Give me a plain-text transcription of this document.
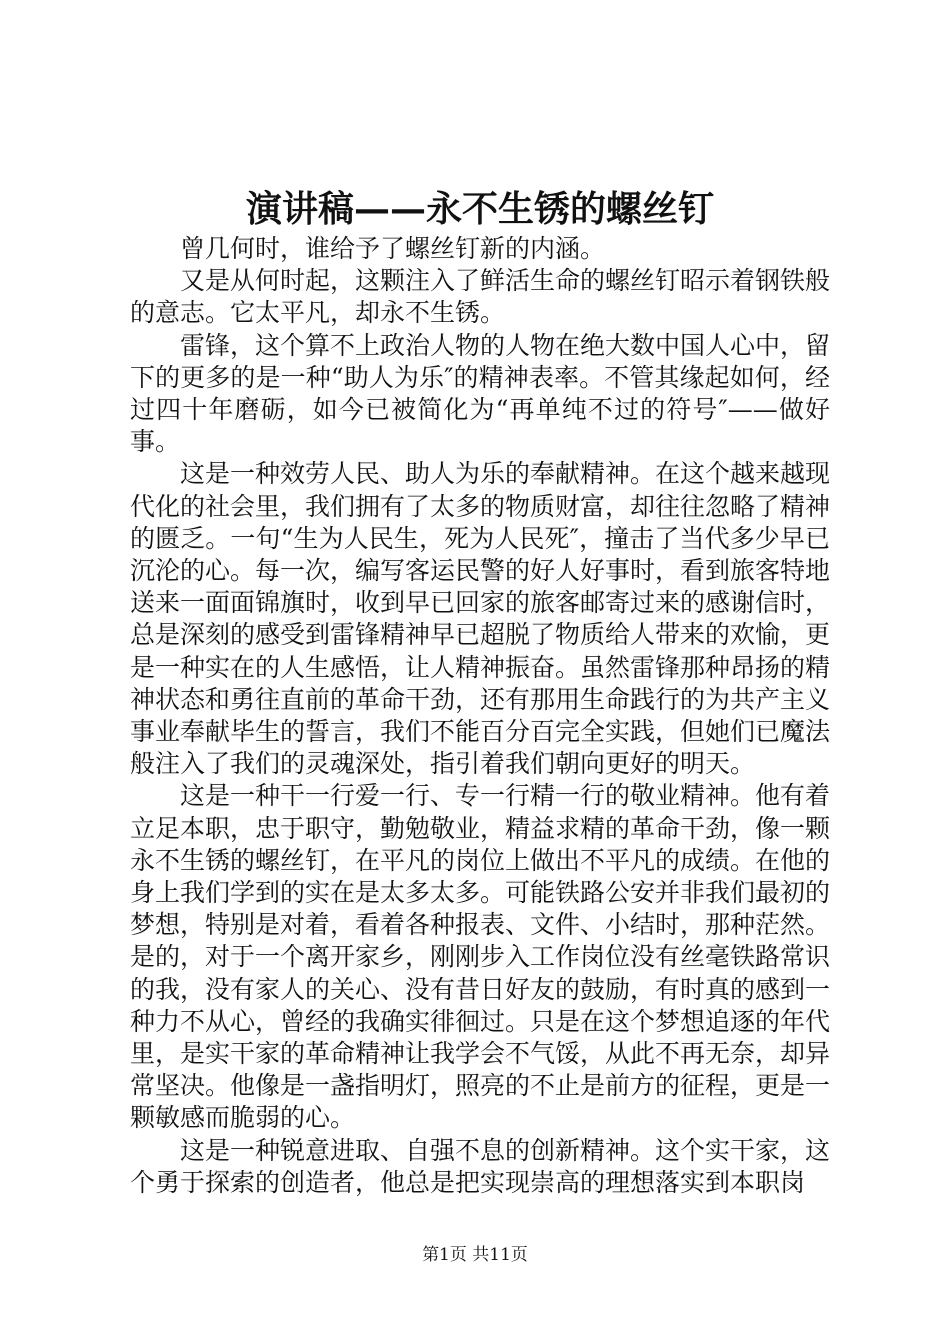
演讲稿——永不生锈的螺丝钉

曾几何时，谁给予了螺丝钉新的内涵。

又是从何时起，这颗注入了鲜活生命的螺丝钉昭示着钢铁般的意志。它太平凡，却永不生锈。

雷锋，这个算不上政治人物的人物在绝大数中国人心中，留下的更多的是一种“助人为乐″的精神表率。不管其缘起如何，经过四十年磨砺，如今已被简化为“再单纯不过的符号″——做好事。

这是一种效劳人民、助人为乐的奉献精神。在这个越来越现代化的社会里，我们拥有了太多的物质财富，却往往忽略了精神的匮乏。一句“生为人民生，死为人民死″，撞击了当代多少早已沉沦的心。每一次，编写客运民警的好人好事时，看到旅客特地送来一面面锦旗时，收到早已回家的旅客邮寄过来的感谢信时，总是深刻的感受到雷锋精神早已超脱了物质给人带来的欢愉，更是一种实在的人生感悟，让人精神振奋。虽然雷锋那种昂扬的精神状态和勇往直前的革命干劲，还有那用生命践行的为共产主义事业奉献毕生的誓言，我们不能百分百完全实践，但她们已魔法般注入了我们的灵魂深处，指引着我们朝向更好的明天。

这是一种干一行爱一行、专一行精一行的敬业精神。他有着立足本职，忠于职守，勤勉敬业，精益求精的革命干劲，像一颗永不生锈的螺丝钉，在平凡的岗位上做出不平凡的成绩。在他的身上我们学到的实在是太多太多。可能铁路公安并非我们最初的梦想，特别是对着，看着各种报表、文件、小结时，那种茫然。是的，对于一个离开家乡，刚刚步入工作岗位没有丝毫铁路常识的我，没有家人的关心、没有昔日好友的鼓励，有时真的感到一种力不从心，曾经的我确实徘徊过。只是在这个梦想追逐的年代里，是实干家的革命精神让我学会不气馁，从此不再无奈，却异常坚决。他像是一盏指明灯，照亮的不止是前方的征程，更是一颗敏感而脆弱的心。

这是一种锐意进取、自强不息的创新精神。这个实干家，这个勇于探索的创造者，他总是把实现崇高的理想落实到本职岗

第1页 共11页
